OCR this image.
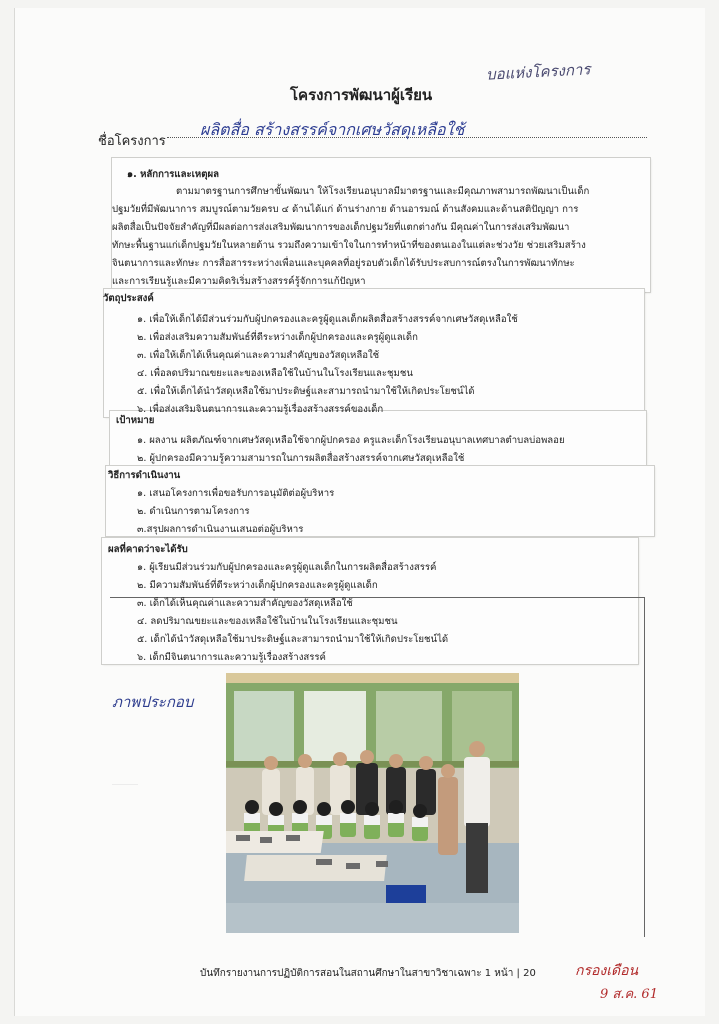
โครงการพัฒนาผู้เรียน
บอแห่งโครงการ
ชื่อโครงการ
ผลิตสื่อ สร้างสรรค์จากเศษวัสดุเหลือใช้
๑. หลักการและเหตุผล
ตามมาตรฐานการศึกษาขั้นพัฒนา ให้โรงเรียนอนุบาลมีมาตรฐานและมีคุณภาพสามารถพัฒนาเป็นเด็ก
ปฐมวัยที่มีพัฒนาการ สมบูรณ์ตามวัยครบ ๔ ด้านได้แก่ ด้านร่างกาย ด้านอารมณ์ ด้านสังคมและด้านสติปัญญา การ
ผลิตสื่อเป็นปัจจัยสำคัญที่มีผลต่อการส่งเสริมพัฒนาการของเด็กปฐมวัยที่แตกต่างกัน มีคุณค่าในการส่งเสริมพัฒนา
ทักษะพื้นฐานแก่เด็กปฐมวัยในหลายด้าน รวมถึงความเข้าใจในการทำหน้าที่ของตนเองในแต่ละช่วงวัย ช่วยเสริมสร้าง
จินตนาการและทักษะ การสื่อสารระหว่างเพื่อนและบุคคลที่อยู่รอบตัวเด็กได้รับประสบการณ์ตรงในการพัฒนาทักษะ
และการเรียนรู้และมีความคิดริเริ่มสร้างสรรค์รู้จักการแก้ปัญหา
วัตถุประสงค์
๑. เพื่อให้เด็กได้มีส่วนร่วมกับผู้ปกครองและครูผู้ดูแลเด็กผลิตสื่อสร้างสรรค์จากเศษวัสดุเหลือใช้
๒. เพื่อส่งเสริมความสัมพันธ์ที่ดีระหว่างเด็กผู้ปกครองและครูผู้ดูแลเด็ก
๓. เพื่อให้เด็กได้เห็นคุณค่าและความสำคัญของวัสดุเหลือใช้
๔. เพื่อลดปริมาณขยะและของเหลือใช้ในบ้านในโรงเรียนและชุมชน
๕. เพื่อให้เด็กได้นำวัสดุเหลือใช้มาประดิษฐ์และสามารถนำมาใช้ให้เกิดประโยชน์ได้
๖. เพื่อส่งเสริมจินตนาการและความรู้เรื่องสร้างสรรค์ของเด็ก
เป้าหมาย
๑. ผลงาน ผลิตภัณฑ์จากเศษวัสดุเหลือใช้จากผู้ปกครอง ครูและเด็กโรงเรียนอนุบาลเทศบาลตำบลบ่อพลอย
๒. ผู้ปกครองมีความรู้ความสามารถในการผลิตสื่อสร้างสรรค์จากเศษวัสดุเหลือใช้
วิธีการดำเนินงาน
๑. เสนอโครงการเพื่อขอรับการอนุมัติต่อผู้บริหาร
๒. ดำเนินการตามโครงการ
๓.สรุปผลการดำเนินงานเสนอต่อผู้บริหาร
ผลที่คาดว่าจะได้รับ
๑. ผู้เรียนมีส่วนร่วมกับผู้ปกครองและครูผู้ดูแลเด็กในการผลิตสื่อสร้างสรรค์
๒. มีความสัมพันธ์ที่ดีระหว่างเด็กผู้ปกครองและครูผู้ดูแลเด็ก
๓. เด็กได้เห็นคุณค่าและความสำคัญของวัสดุเหลือใช้
๔. ลดปริมาณขยะและของเหลือใช้ในบ้านในโรงเรียนและชุมชน
๕. เด็กได้นำวัสดุเหลือใช้มาประดิษฐ์และสามารถนำมาใช้ให้เกิดประโยชน์ได้
๖. เด็กมีจินตนาการและความรู้เรื่องสร้างสรรค์
ภาพประกอบ
บันทึกรายงานการปฏิบัติการสอนในสถานศึกษาในสาขาวิชาเฉพาะ 1 หน้า | 20	กรองเดือน
9 ส.ค. 61
